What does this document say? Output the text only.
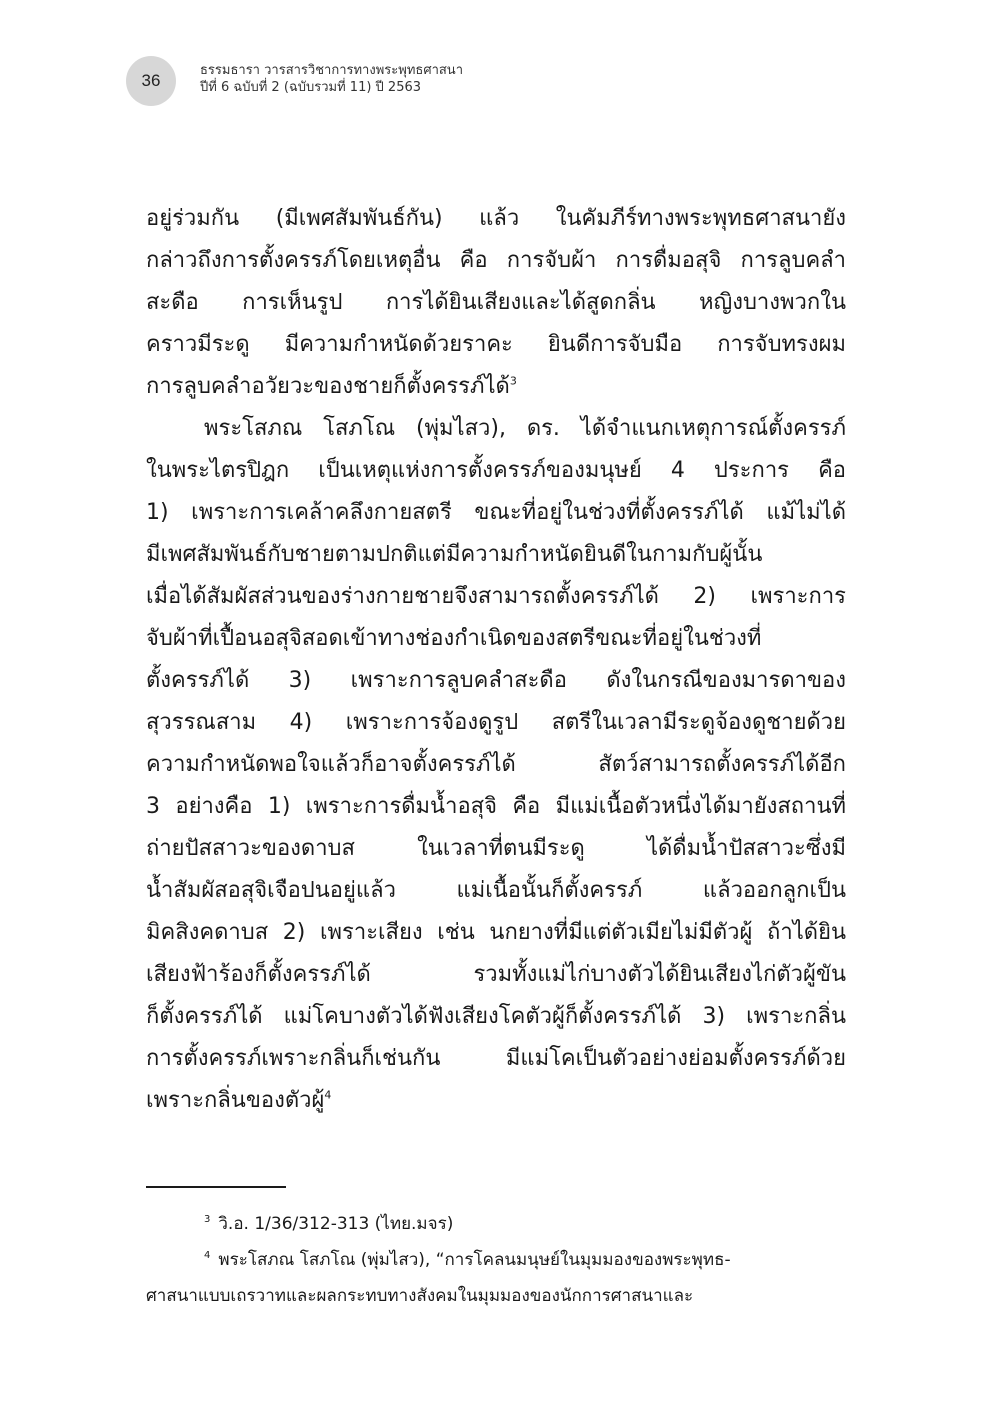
36
ธรรมธารา วารสารวิชาการทางพระพุทธศาสนา
ปีที่ 6 ฉบับที่ 2 (ฉบับรวมที่ 11) ปี 2563
อยู่ร่วมกัน (มีเพศสัมพันธ์กัน) แล้ว ในคัมภีร์ทางพระพุทธศาสนายัง
กล่าวถึงการตั้งครรภ์โดยเหตุอื่น คือ การจับผ้า การดื่มอสุจิ การลูบคลำ
สะดือ การเห็นรูป การได้ยินเสียงและได้สูดกลิ่น หญิงบางพวกใน
คราวมีระดู มีความกำหนัดด้วยราคะ ยินดีการจับมือ การจับทรงผม
การลูบคลำอวัยวะของชายก็ตั้งครรภ์ได้$^3$
พระโสภณ โสภโณ (พุ่มไสว), ดร. ได้จำแนกเหตุการณ์ตั้งครรภ์
ในพระไตรปิฎก เป็นเหตุแห่งการตั้งครรภ์ของมนุษย์ 4 ประการ คือ
1) เพราะการเคล้าคลึงกายสตรี ขณะที่อยู่ในช่วงที่ตั้งครรภ์ได้ แม้ไม่ได้
มีเพศสัมพันธ์กับชายตามปกติแต่มีความกำหนัดยินดีในกามกับผู้นั้น
เมื่อได้สัมผัสส่วนของร่างกายชายจึงสามารถตั้งครรภ์ได้ 2) เพราะการ
จับผ้าที่เปื้อนอสุจิสอดเข้าทางช่องกำเนิดของสตรีขณะที่อยู่ในช่วงที่
ตั้งครรภ์ได้ 3) เพราะการลูบคลำสะดือ ดังในกรณีของมารดาของ
สุวรรณสาม 4) เพราะการจ้องดูรูป สตรีในเวลามีระดูจ้องดูชายด้วย
ความกำหนัดพอใจแล้วก็อาจตั้งครรภ์ได้ สัตว์สามารถตั้งครรภ์ได้อีก
3 อย่างคือ 1) เพราะการดื่มน้ำอสุจิ คือ มีแม่เนื้อตัวหนึ่งได้มายังสถานที่
ถ่ายปัสสาวะของดาบส ในเวลาที่ตนมีระดู ได้ดื่มน้ำปัสสาวะซึ่งมี
น้ำสัมผัสอสุจิเจือปนอยู่แล้ว แม่เนื้อนั้นก็ตั้งครรภ์ แล้วออกลูกเป็น
มิคสิงคดาบส 2) เพราะเสียง เช่น นกยางที่มีแต่ตัวเมียไม่มีตัวผู้ ถ้าได้ยิน
เสียงฟ้าร้องก็ตั้งครรภ์ได้ รวมทั้งแม่ไก่บางตัวได้ยินเสียงไก่ตัวผู้ขัน
ก็ตั้งครรภ์ได้ แม่โคบางตัวได้ฟังเสียงโคตัวผู้ก็ตั้งครรภ์ได้ 3) เพราะกลิ่น
การตั้งครรภ์เพราะกลิ่นก็เช่นกัน มีแม่โคเป็นตัวอย่างย่อมตั้งครรภ์ด้วย
เพราะกลิ่นของตัวผู้$^4$
$^3$ วิ.อ. 1/36/312-313 (ไทย.มจร)
$^4$ พระโสภณ โสภโณ (พุ่มไสว), “การโคลนมนุษย์ในมุมมองของพระพุทธ-
ศาสนาแบบเถรวาทและผลกระทบทางสังคมในมุมมองของนักการศาสนาและ
